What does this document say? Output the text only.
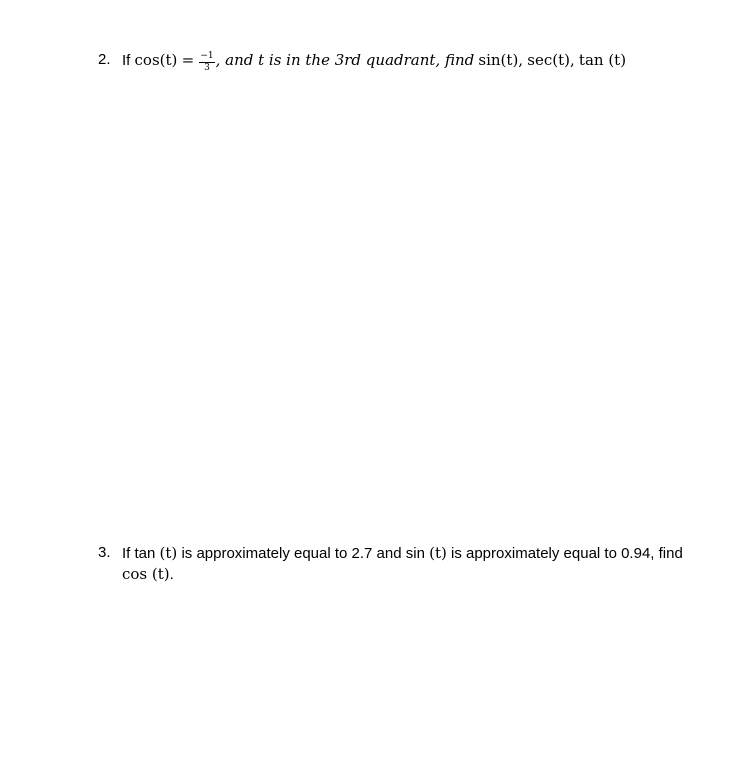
2. If $\cos(t) = \frac{-1}{3}$ , and t is in the 3rd quadrant, find sin(t), sec(t), tan (t)
3. If tan (t) is approximately equal to 2.7 and sin (t) is approximately equal to 0.94, find
cos (t).
